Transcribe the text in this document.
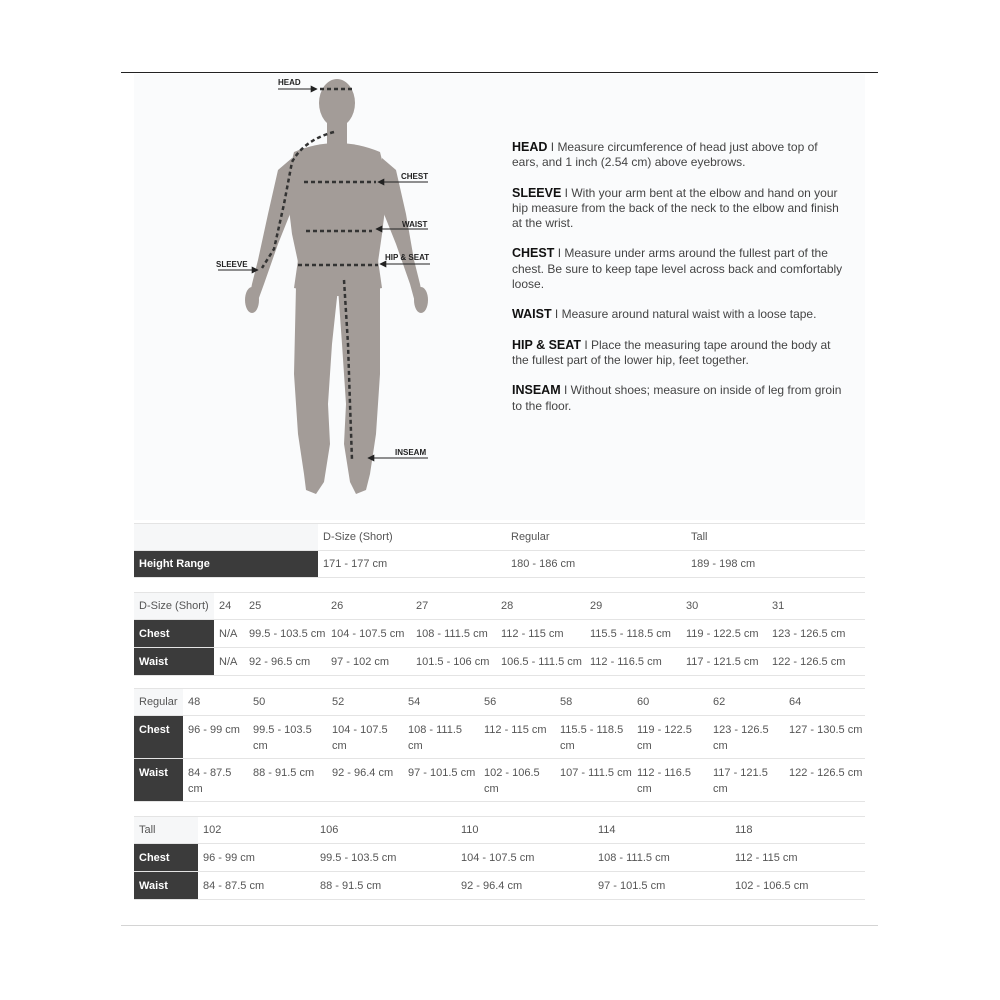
HEAD
CHEST
WAIST
HIP & SEAT
SLEEVE
INSEAM

HEAD I Measure circumference of head just above top of ears, and 1 inch (2.54 cm) above eyebrows.

SLEEVE I With your arm bent at the elbow and hand on your hip measure from the back of the neck to the elbow and finish at the wrist.

CHEST I Measure under arms around the fullest part of the chest. Be sure to keep tape level across back and comfortably loose.

WAIST I Measure around natural waist with a loose tape.

HIP & SEAT I Place the measuring tape around the body at the fullest part of the lower hip, feet together.

INSEAM I Without shoes; measure on inside of leg from groin to the floor.

	D-Size (Short)	Regular	Tall
Height Range	171 - 177 cm	180 - 186 cm	189 - 198 cm
D-Size (Short)	24	25	26	27	28	29	30	31
Chest	N/A	99.5 - 103.5 cm	104 - 107.5 cm	108 - 111.5 cm	112 - 115 cm	115.5 - 118.5 cm	119 - 122.5 cm	123 - 126.5 cm
Waist	N/A	92 - 96.5 cm	97 - 102 cm	101.5 - 106 cm	106.5 - 111.5 cm	112 - 116.5 cm	117 - 121.5 cm	122 - 126.5 cm
Regular	48	50	52	54	56	58	60	62	64
Chest	96 - 99 cm	99.5 - 103.5 cm	104 - 107.5 cm	108 - 111.5 cm	112 - 115 cm	115.5 - 118.5 cm	119 - 122.5 cm	123 - 126.5 cm	127 - 130.5 cm
Waist	84 - 87.5 cm	88 - 91.5 cm	92 - 96.4 cm	97 - 101.5 cm	102 - 106.5 cm	107 - 111.5 cm	112 - 116.5 cm	117 - 121.5 cm	122 - 126.5 cm
Tall	102	106	110	114	118
Chest	96 - 99 cm	99.5 - 103.5 cm	104 - 107.5 cm	108 - 111.5 cm	112 - 115 cm
Waist	84 - 87.5 cm	88 - 91.5 cm	92 - 96.4 cm	97 - 101.5 cm	102 - 106.5 cm
